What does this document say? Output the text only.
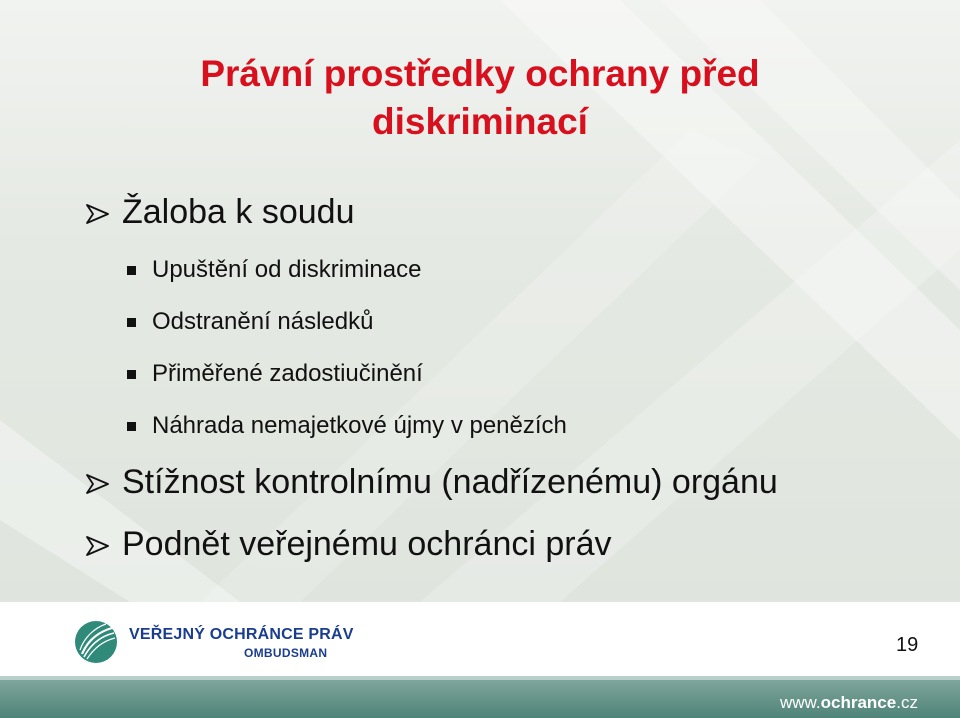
Právní prostředky ochrany před
diskriminací
Žaloba k soudu
Upuštění od diskriminace
Odstranění následků
Přiměřené zadostiučinění
Náhrada nemajetkové újmy v penězích
Stížnost kontrolnímu (nadřízenému) orgánu
Podnět veřejnému ochránci práv
VEŘEJNÝ OCHRÁNCE PRÁV
OMBUDSMAN	19
www.ochrance.cz
